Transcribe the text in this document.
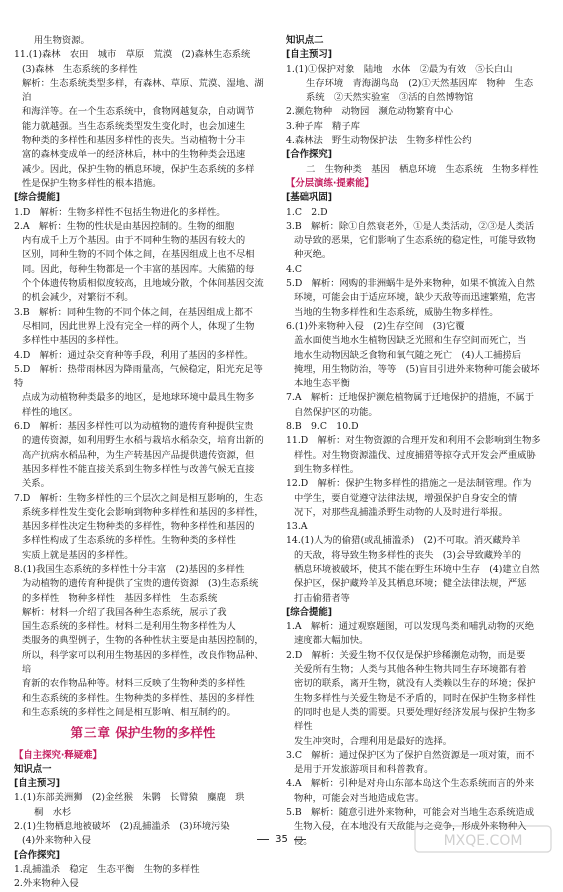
用生物资源。
11.(1)森林　农田　城市　草原　荒漠　(2)森林生态系统
(3)森林　生态系统的多样性
解析：生态系统类型多样，有森林、草原、荒漠、湿地、湖泊
和海洋等。在一个生态系统中，食物网越复杂，自动调节
能力就越强。当生态系统类型发生变化时，也会加速生
物种类的多样性和基因多样性的丧失。当动植物十分丰
富的森林变成单一的经济林后，林中的生物种类会迅速
减少。因此，保护生物的栖息环境，保护生态系统的多样
性是保护生物多样性的根本措施。
[综合提能]
1.D　解析：生物多样性不包括生物进化的多样性。
2.A　解析：生物的性状是由基因控制的。生物的细胞
内有成千上万个基因。由于不同种生物的基因有较大的
区别，同种生物的不同个体之间，在基因组成上也不尽相
同。因此，每种生物都是一个丰富的基因库。大熊猫的每
个个体遗传物质相似度较高，且地域分散，个体间基因交流
的机会减少，对繁衍不利。
3.B　解析：同种生物的不同个体之间，在基因组成上都不
尽相同，因此世界上没有完全一样的两个人，体现了生物
多样性中基因的多样性。
4.D　解析：通过杂交育种等手段，利用了基因的多样性。
5.D　解析：热带雨林因为降雨量高，气候稳定，阳光充足等特
点成为动植物种类最多的地区，是地球环境中最具生物多
样性的地区。
6.D　解析：基因多样性可以为动植物的遗传育种提供宝贵
的遗传资源，如利用野生水稻与栽培水稻杂交，培育出新的
高产抗病水稻品种，为生产转基因产品提供遗传资源，但
基因多样性不能直接关系到生物多样性与改善气候无直接
关系。
7.D　解析：生物多样性的三个层次之间是相互影响的，生态
系统多样性发生变化会影响到物种多样性和基因的多样性，
基因多样性决定生物种类的多样性，物种多样性和基因的
多样性构成了生态系统的多样性。生物种类的多样性
实质上就是基因的多样性。
8.(1)我国生态系统的多样性十分丰富　(2)基因的多样性
为动植物的遗传育种提供了宝贵的遗传资源　(3)生态系统
的多样性　物种多样性　基因多样性　生态系统
解析：材料一介绍了我国各种生态系统，展示了我
国生态系统的多样性。材料二是利用生物多样性为人
类服务的典型例子，生物的各种性状主要是由基因控制的，
所以，科学家可以利用生物基因的多样性，改良作物品种、培
育新的农作物品种等。材料三反映了生物种类的多样性
和生态系统的多样性。生物种类的多样性、基因的多样性
和生态系统的多样性之间是相互影响、相互制约的。
第三章 保护生物的多样性
【自主探究·释疑难】
知识点一
[自主预习]
1.(1)东部美洲狮　(2)金丝猴　朱鹮　长臂猿　麋鹿　珙
桐　水杉
2.(1)生物栖息地被破坏　(2)乱捕滥杀　(3)环境污染
(4)外来物种入侵
[合作探究]
1.乱捕滥杀　稳定　生态平衡　生物的多样性
2.外来物种入侵
知识点二
[自主预习]
1.(1)①保护对象　陆地　水体　②最为有效　⑤长白山
生存环境　青海湖鸟岛　(2)①天然基因库　物种　生态
系统　②天然实验室　③活的自然博物馆
2.濒危物种　动物园　濒危动物繁育中心
3.种子库　精子库
4.森林法　野生动物保护法　生物多样性公约
[合作探究]
二　生物种类　基因　栖息环境　生态系统　生物多样性
【分层演练·提素能】
[基础巩固]
1.C　2.D
3.B　解析：除①自然衰老外，①是人类活动，②③是人类活
动导致的恶果，它们影响了生态系统的稳定性，可能导致物
种灭绝。
4.C
5.D　解析：网购的非洲蜗牛是外来物种，如果不慎流入自然
环境，可能会由于适应环境，缺少天敌等而迅速繁殖，危害
当地的生物多样性和生态系统，威胁生物多样性。
6.(1)外来物种入侵　(2)生存空间　(3)它覆
盖水面使当地水生植物因缺乏光照和生存空间而死亡，当
地水生动物因缺乏食物和氧气随之死亡　(4)人工捕捞后
掩埋，用生物防治，等等　(5)盲目引进外来物种可能会破坏
本地生态平衡
7.A　解析：迁地保护濒危植物属于迁地保护的措施，不属于
自然保护区的功能。
8.B　9.C　10.D
11.D　解析：对生物资源的合理开发和利用不会影响到生物多
样性。对生物资源滥伐、过度捕猎等掠夺式开发会严重威胁
到生物多样性。
12.D　解析：保护生物多样性的措施之一是法制管理。作为
中学生，要自觉遵守法律法规，增强保护自身安全的情
况下，对那些乱捕滥杀野生动物的人及时进行举报。
13.A
14.(1)人为的偷猎(或乱捕滥杀)　(2)不可取。消灭藏羚羊
的天敌，将导致生物多样性的丧失　(3)会导致藏羚羊的
栖息环境被破坏，使其不能在野生环境中生存　(4)建立自然
保护区，保护藏羚羊及其栖息环境；健全法律法规，严惩
打击偷猎者等
[综合提能]
1.A　解析：通过观察题图，可以发现鸟类和哺乳动物的灭绝
速度都大幅加快。
2.D　解析：关爱生物不仅仅是保护珍稀濒危动物，而是要
关爱所有生物；人类与其他各种生物共同生存环境都有着
密切的联系，离开生物，就没有人类赖以生存的环境；保护
生物多样性与关爱生物是不矛盾的，同时在保护生物多样性
的同时也是人类的需要。只要处理好经济发展与保护生物多样性
发生冲突时，合理利用是最好的选择。
3.C　解析：通过保护区为了保护自然资源是一项对策，而不
是用于开发旅游项目和科普教育。
4.A　解析：引种是对舟山东部本岛这个生态系统而言的外来
物种，可能会对当地造成危害。
5.B　解析：随意引进外来物种，可能会对当地生态系统造成
生物入侵，在本地没有天敌能与之竞争，形成外来物种入侵。
35	MXQE.COM
